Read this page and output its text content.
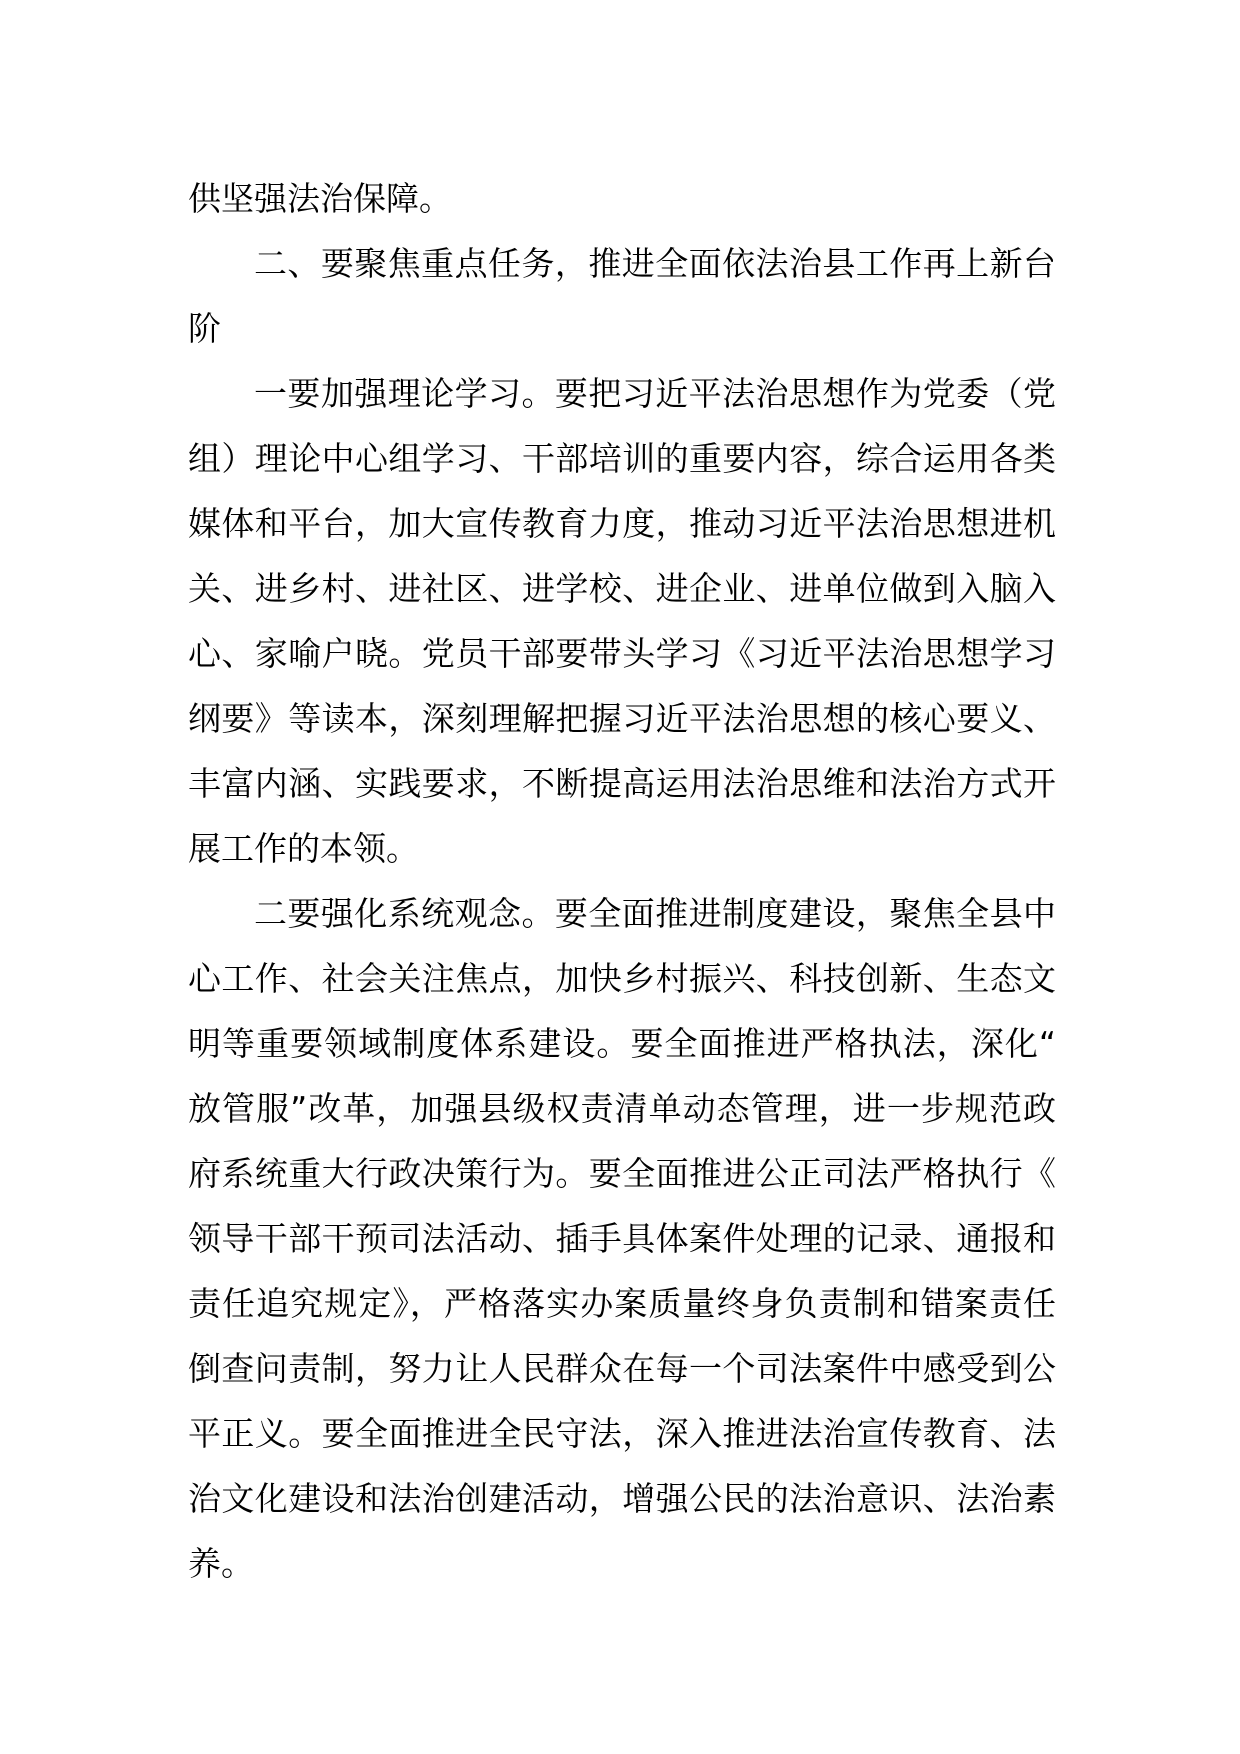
供坚强法治保障。

二、要聚焦重点任务，推进全面依法治县工作再上新台阶

一要加强理论学习。要把习近平法治思想作为党委（党组）理论中心组学习、干部培训的重要内容，综合运用各类媒体和平台，加大宣传教育力度，推动习近平法治思想进机关、进乡村、进社区、进学校、进企业、进单位做到入脑入心、家喻户晓。党员干部要带头学习《习近平法治思想学习纲要》等读本，深刻理解把握习近平法治思想的核心要义、丰富内涵、实践要求，不断提高运用法治思维和法治方式开展工作的本领。

二要强化系统观念。要全面推进制度建设，聚焦全县中心工作、社会关注焦点，加快乡村振兴、科技创新、生态文明等重要领域制度体系建设。要全面推进严格执法，深化“放管服”改革，加强县级权责清单动态管理，进一步规范政府系统重大行政决策行为。要全面推进公正司法严格执行《领导干部干预司法活动、插手具体案件处理的记录、通报和责任追究规定》，严格落实办案质量终身负责制和错案责任倒查问责制，努力让人民群众在每一个司法案件中感受到公平正义。要全面推进全民守法，深入推进法治宣传教育、法治文化建设和法治创建活动，增强公民的法治意识、法治素养。
